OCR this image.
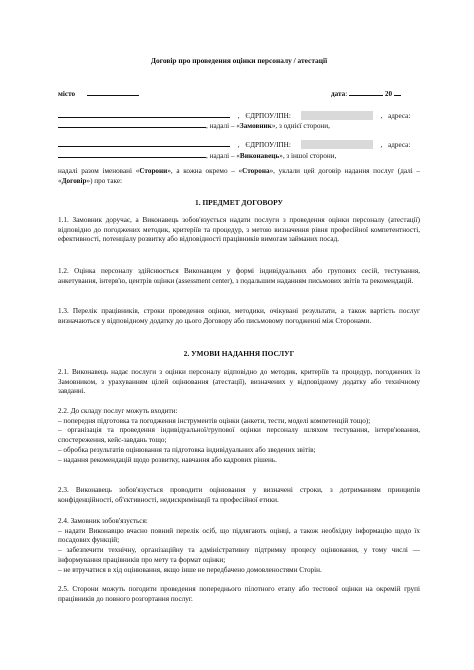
Договір про проведення оцінки персоналу / атестації
місто	дата:	20
, ЄДРПОУ/ІПН:	, адреса:
, надалі – «Замовник», з однієї сторони,
, ЄДРПОУ/ІПН:	, адреса:
, надалі – «Виконавець», з іншої сторони,
надалі разом іменовані «Сторони», а кожна окремо – «Сторона», уклали цей договір надання послуг (далі – «Договір») про таке:
1. ПРЕДМЕТ ДОГОВОРУ
1.1. Замовник доручає, а Виконавець зобов'язується надати послуги з проведення оцінки персоналу (атестації) відповідно до погоджених методик, критеріїв та процедур, з метою визначення рівня професійної компетентності, ефективності, потенціалу розвитку або відповідності працівників вимогам займаних посад.
1.2. Оцінка персоналу здійснюється Виконавцем у формі індивідуальних або групових сесій, тестування, анкетування, інтерв'ю, центрів оцінки (assessment center), з подальшим наданням письмових звітів та рекомендацій.
1.3. Перелік працівників, строки проведення оцінки, методики, очікувані результати, а також вартість послуг визначаються у відповідному додатку до цього Договору або письмовому погодженні між Сторонами.
2. УМОВИ НАДАННЯ ПОСЛУГ
2.1. Виконавець надає послуги з оцінки персоналу відповідно до методик, критеріїв та процедур, погоджених із Замовником, з урахуванням цілей оцінювання (атестації), визначених у відповідному додатку або технічному завданні.
2.2. До складу послуг можуть входити:
– попередня підготовка та погодження інструментів оцінки (анкети, тести, моделі компетенцій тощо);
– організація та проведення індивідуальної/групової оцінки персоналу шляхом тестування, інтерв'ювання, спостереження, кейс-завдань тощо;
– обробка результатів оцінювання та підготовка індивідуальних або зведених звітів;
– надання рекомендацій щодо розвитку, навчання або кадрових рішень.
2.3. Виконавець зобов'язується проводити оцінювання у визначені строки, з дотриманням принципів конфіденційності, об'єктивності, недискримінації та професійної етики.
2.4. Замовник зобов'язується:
– надати Виконавцю вчасно повний перелік осіб, що підлягають оцінці, а також необхідну інформацію щодо їх посадових функцій;
– забезпечити технічну, організаційну та адміністративну підтримку процесу оцінювання, у тому числі — інформування працівників про мету та формат оцінки;
– не втручатися в хід оцінювання, якщо інше не передбачено домовленостями Сторін.
2.5. Сторони можуть погодити проведення попереднього пілотного етапу або тестової оцінки на окремій групі працівників до повного розгортання послуг.
